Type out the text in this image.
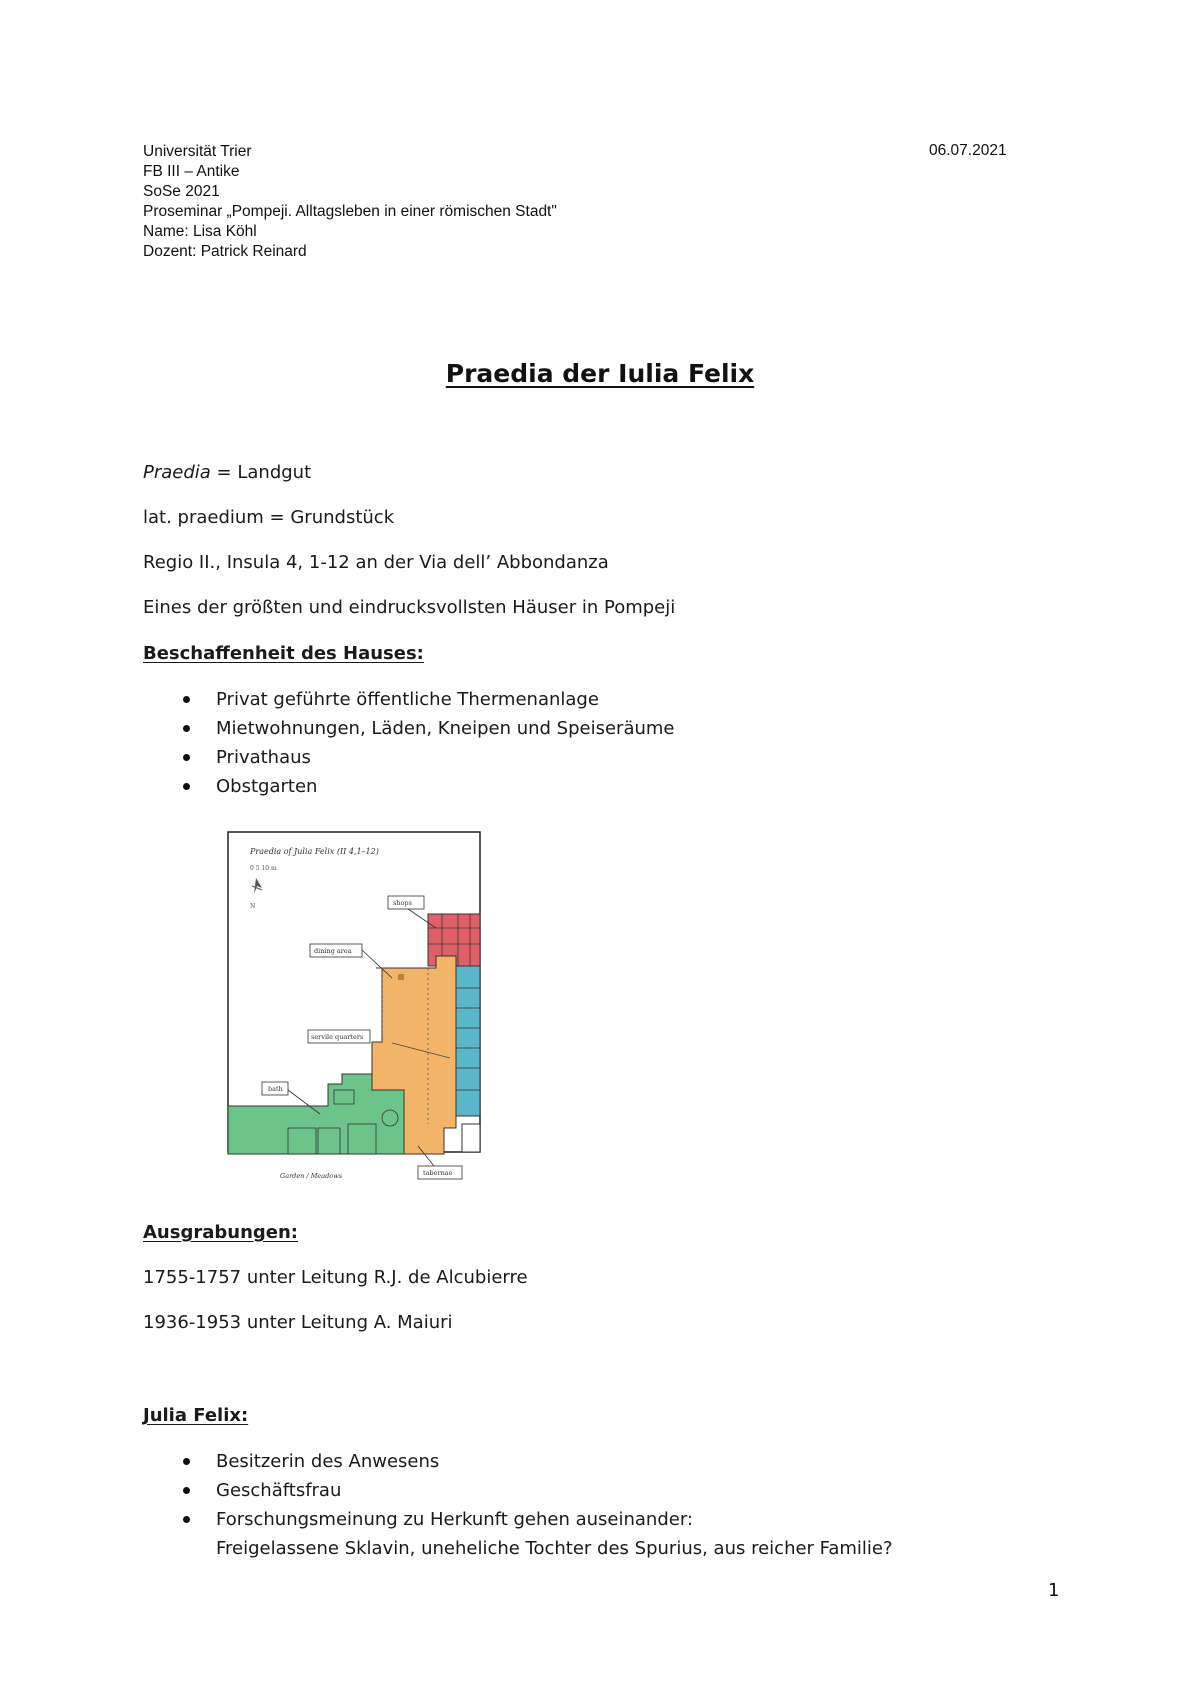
Universität Trier
FB III – Antike
SoSe 2021
Proseminar „Pompeji. Alltagsleben in einer römischen Stadt"
Name: Lisa Köhl
Dozent: Patrick Reinard
06.07.2021
Praedia der Iulia Felix
Praedia = Landgut
lat. praedium = Grundstück
Regio II., Insula 4, 1-12 an der Via dell’ Abbondanza
Eines der größten und eindrucksvollsten Häuser in Pompeji
Beschaffenheit des Hauses:
Privat geführte öffentliche Thermenanlage
Mietwohnungen, Läden, Kneipen und Speiseräume
Privathaus
Obstgarten
Ausgrabungen:
1755-1757 unter Leitung R.J. de Alcubierre
1936-1953 unter Leitung A. Maiuri
Julia Felix:
Besitzerin des Anwesens
Geschäftsfrau
Forschungsmeinung zu Herkunft gehen auseinander:
Freigelassene Sklavin, uneheliche Tochter des Spurius, aus reicher Familie?
Praedia of Julia Felix (II 4,1–12)
0 5 10 m
N	shops
dining area
servile quarters
bath
Garden / Meadows	tabernae
1
